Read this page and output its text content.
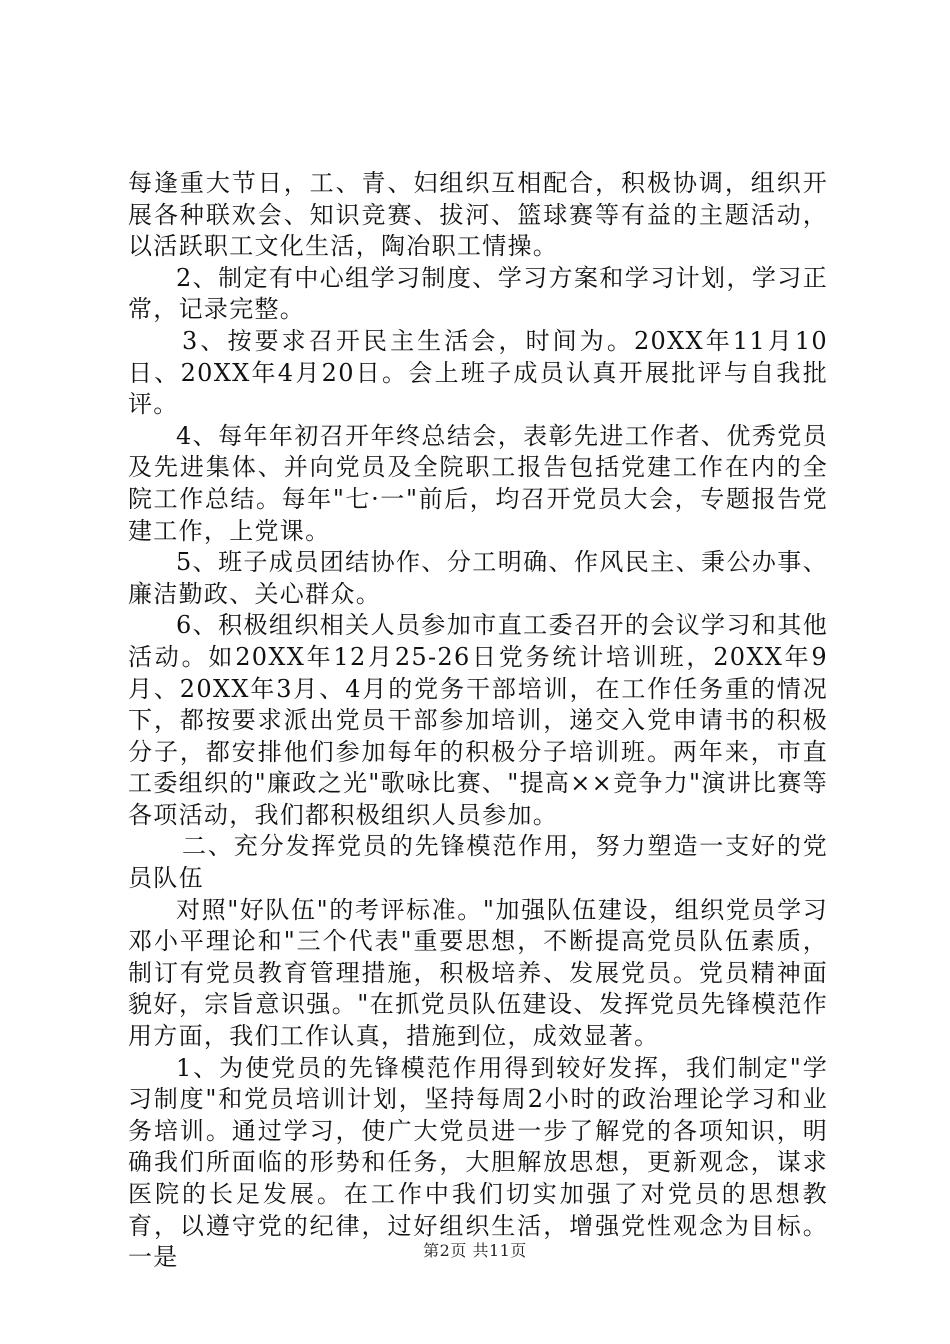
每逢重大节日，工、青、妇组织互相配合，积极协调，组织开展各种联欢会、知识竞赛、拔河、篮球赛等有益的主题活动，以活跃职工文化生活，陶冶职工情操。

2、制定有中心组学习制度、学习方案和学习计划，学习正常，记录完整。

3、按要求召开民主生活会，时间为。20XX年11月10日、20XX年4月20日。会上班子成员认真开展批评与自我批评。

4、每年年初召开年终总结会，表彰先进工作者、优秀党员及先进集体、并向党员及全院职工报告包括党建工作在内的全院工作总结。每年"七·一"前后，均召开党员大会，专题报告党建工作，上党课。

5、班子成员团结协作、分工明确、作风民主、秉公办事、廉洁勤政、关心群众。

6、积极组织相关人员参加市直工委召开的会议学习和其他活动。如20XX年12月25-26日党务统计培训班，20XX年9月、20XX年3月、4月的党务干部培训，在工作任务重的情况下，都按要求派出党员干部参加培训，递交入党申请书的积极分子，都安排他们参加每年的积极分子培训班。两年来，市直工委组织的"廉政之光"歌咏比赛、"提高××竞争力"演讲比赛等各项活动，我们都积极组织人员参加。

二、充分发挥党员的先锋模范作用，努力塑造一支好的党员队伍

对照"好队伍"的考评标准。"加强队伍建设，组织党员学习邓小平理论和"三个代表"重要思想，不断提高党员队伍素质，制订有党员教育管理措施，积极培养、发展党员。党员精神面貌好，宗旨意识强。"在抓党员队伍建设、发挥党员先锋模范作用方面，我们工作认真，措施到位，成效显著。

1、为使党员的先锋模范作用得到较好发挥，我们制定"学习制度"和党员培训计划，坚持每周2小时的政治理论学习和业务培训。通过学习，使广大党员进一步了解党的各项知识，明确我们所面临的形势和任务，大胆解放思想，更新观念，谋求医院的长足发展。在工作中我们切实加强了对党员的思想教育，以遵守党的纪律，过好组织生活，增强党性观念为目标。一是	第2页 共11页
